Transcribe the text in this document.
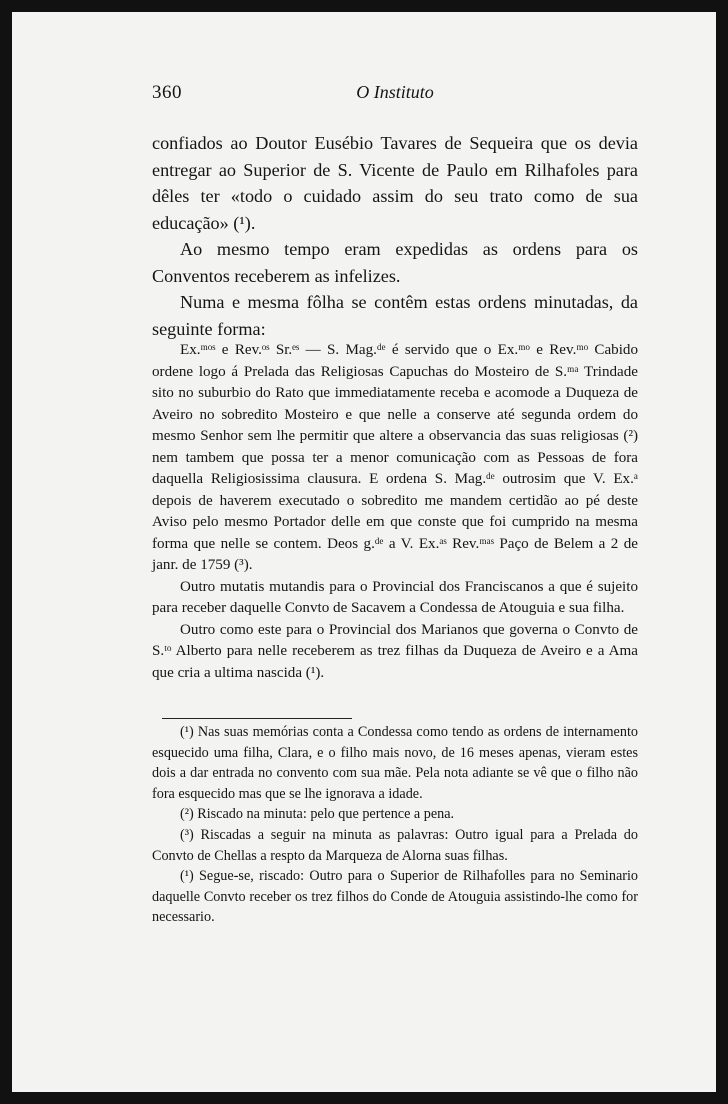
O Instituto
360

confiados ao Doutor Eusébio Tavares de Sequeira que os devia entregar ao Superior de S. Vicente de Paulo em Rilhafoles para dêles ter «todo o cuidado assim do seu trato como de sua educação» (¹).

Ao mesmo tempo eram expedidas as ordens para os Conventos receberem as infelizes.

Numa e mesma fôlha se contêm estas ordens minutadas, da seguinte forma:

Ex.ᵐᵒˢ e Rev.ᵒˢ Sr.ᵉˢ — S. Mag.ᵈᵉ é servido que o Ex.ᵐᵒ e Rev.ᵐᵒ Cabido ordene logo á Prelada das Religiosas Capuchas do Mosteiro de S.ᵐᵃ Trindade sito no suburbio do Rato que immediatamente receba e acomode a Duqueza de Aveiro no sobredito Mosteiro e que nelle a conserve até segunda ordem do mesmo Senhor sem lhe permitir que altere a observancia das suas religiosas (²) nem tambem que possa ter a menor comunicação com as Pessoas de fora daquella Religiosissima clausura. E ordena S. Mag.ᵈᵉ outrosim que V. Ex.ᵃ depois de haverem executado o sobredito me mandem certidão ao pé deste Aviso pelo mesmo Portador delle em que conste que foi cumprido na mesma forma que nelle se contem. Deos g.ᵈᵉ a V. Ex.ᵃˢ Rev.ᵐᵃˢ Paço de Belem a 2 de janr. de 1759 (³).

Outro mutatis mutandis para o Provincial dos Franciscanos a que é sujeito para receber daquelle Convto de Sacavem a Condessa de Atouguia e sua filha.

Outro como este para o Provincial dos Marianos que governa o Convto de S.ᵗᵒ Alberto para nelle receberem as trez filhas da Duqueza de Aveiro e a Ama que cria a ultima nascida (¹).

(¹) Nas suas memórias conta a Condessa como tendo as ordens de internamento esquecido uma filha, Clara, e o filho mais novo, de 16 meses apenas, vieram estes dois a dar entrada no convento com sua mãe. Pela nota adiante se vê que o filho não fora esquecido mas que se lhe ignorava a idade.

(²) Riscado na minuta: pelo que pertence a pena.

(³) Riscadas a seguir na minuta as palavras: Outro igual para a Prelada do Convto de Chellas a respto da Marqueza de Alorna suas filhas.

(¹) Segue-se, riscado: Outro para o Superior de Rilhafolles para no Seminario daquelle Convto receber os trez filhos do Conde de Atouguia assistindo-lhe como for necessario.
